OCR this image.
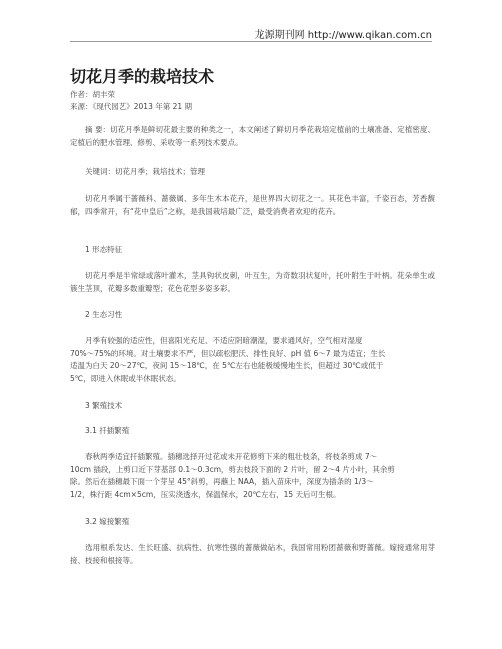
龙源期刊网 http://www.qikan.com.cn
切花月季的栽培技术
作者：胡丰荣
来源：《现代园艺》2013 年第 21 期

摘 要：切花月季是鲜切花最主要的种类之一，本文阐述了鲜切月季花栽培定植前的土壤准备、定植密度、定植后的肥水管理、修剪、采收等一系列技术要点。

关键词：切花月季；栽培技术；管理

切花月季属于蔷薇科、蔷薇属、多年生木本花卉，是世界四大切花之一。其花色丰富，千姿百态，芳香馥郁，四季常开，有“花中皇后”之称，是我国栽培最广泛，最受消费者欢迎的花卉。

1 形态特征

切花月季是半常绿或落叶灌木，茎具钩状皮刺，叶互生，为奇数羽状复叶，托叶附生于叶柄。花朵单生或簇生茎顶，花瓣多数重瓣型；花色花型多姿多彩。

2 生态习性

月季有较强的适应性，但喜阳光充足、不适应阴暗潮湿，要求通风好，空气相对湿度

70%～75%的环境。对土壤要求不严，但以疏松肥沃、排性良好、pH 值 6～7 最为适宜；生长

适温为白天 20～27℃，夜间 15～18℃，在 5℃左右也能极缓慢地生长，但超过 30℃或低于

5℃，即进入休眠或半休眠状态。

3 繁殖技术

3.1 扦插繁殖

春秋两季适宜扦插繁殖。插穗选择开过花或未开花修剪下来的粗壮枝条，将枝条剪成 7～

10cm 插段，上剪口近下芽基部 0.1～0.3cm，剪去枝段下面的 2 片叶，留 2～4 片小叶，其余剪

除。然后在插穗最下面一个芽呈 45°斜剪，再蘸上 NAA，插入苗床中，深度为插条的 1/3～

1/2，株行距 4cm×5cm，压实浇透水，保温保水，20℃左右，15 天后可生根。

3.2 嫁接繁殖

选用根系发达、生长旺盛、抗病性、抗寒性强的蔷薇做砧木，我国常用粉团蔷薇和野蔷薇。嫁接通常用芽接、枝接和根接等。
